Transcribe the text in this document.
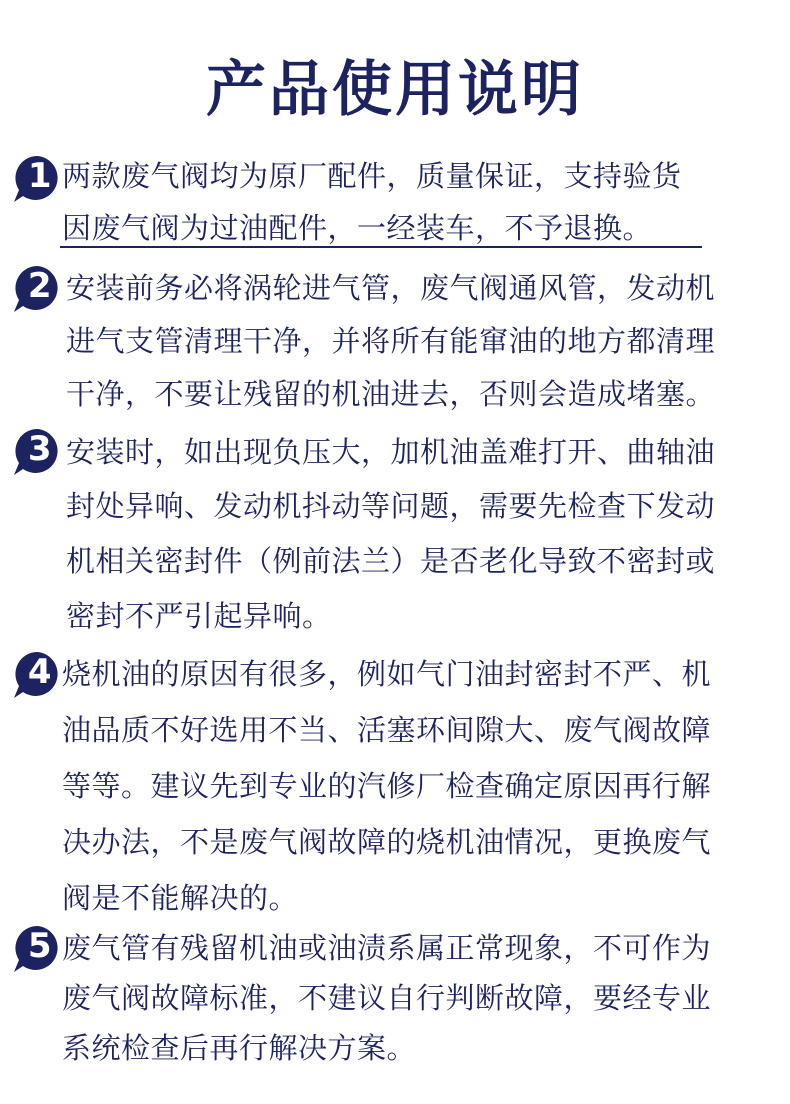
产品使用说明
1 两款废气阀均为原厂配件，质量保证，支持验货
因废气阀为过油配件，一经装车，不予退换。
2 安装前务必将涡轮进气管，废气阀通风管，发动机
进气支管清理干净，并将所有能窜油的地方都清理
干净，不要让残留的机油进去，否则会造成堵塞。
3 安装时，如出现负压大，加机油盖难打开、曲轴油
封处异响、发动机抖动等问题，需要先检查下发动
机相关密封件（例前法兰）是否老化导致不密封或
密封不严引起异响。
4 烧机油的原因有很多，例如气门油封密封不严、机
油品质不好选用不当、活塞环间隙大、废气阀故障
等等。建议先到专业的汽修厂检查确定原因再行解
决办法，不是废气阀故障的烧机油情况，更换废气
阀是不能解决的。
5 废气管有残留机油或油渍系属正常现象，不可作为
废气阀故障标准，不建议自行判断故障，要经专业
系统检查后再行解决方案。
